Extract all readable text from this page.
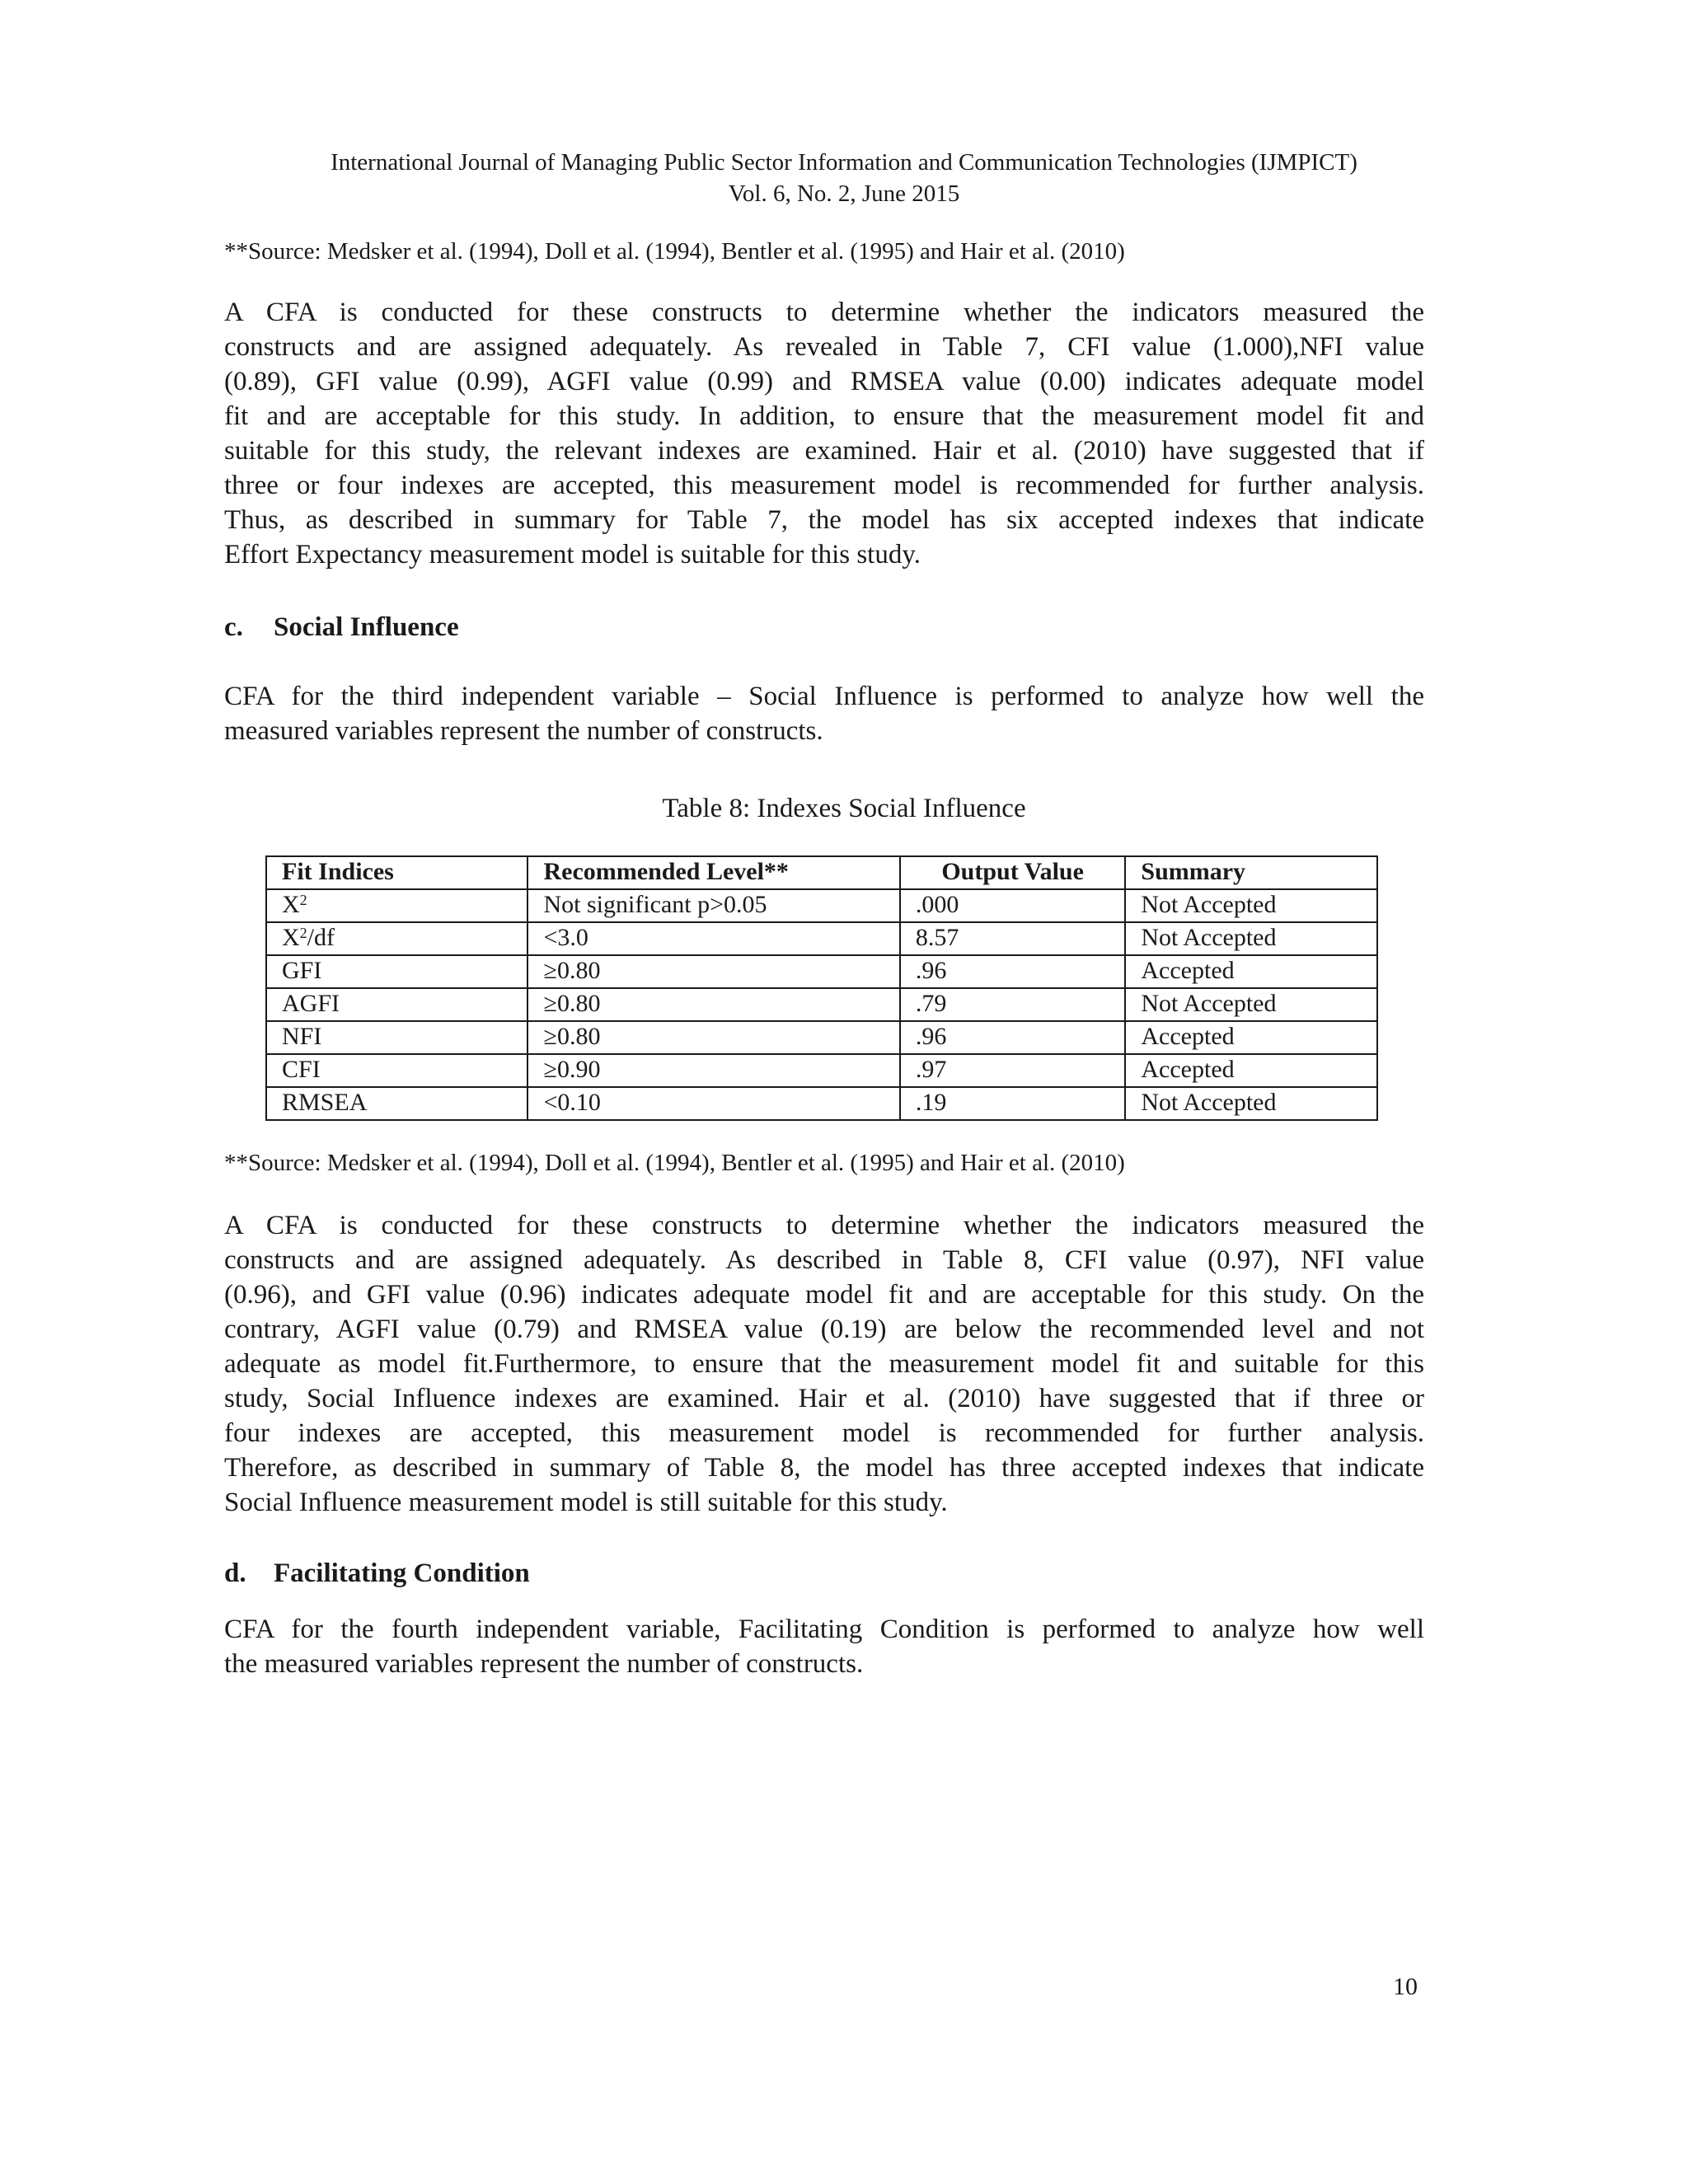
International Journal of Managing Public Sector Information and Communication Technologies (IJMPICT)
Vol. 6, No. 2, June 2015
**Source: Medsker et al. (1994), Doll et al. (1994), Bentler et al. (1995) and Hair et al. (2010)
A CFA is conducted for these constructs to determine whether the indicators measured the
constructs and are assigned adequately. As revealed in Table 7, CFI value (1.000),NFI value
(0.89), GFI value (0.99), AGFI value (0.99) and RMSEA value (0.00) indicates adequate model
fit and are acceptable for this study. In addition, to ensure that the measurement model fit and
suitable for this study, the relevant indexes are examined. Hair et al. (2010) have suggested that if
three or four indexes are accepted, this measurement model is recommended for further analysis.
Thus, as described in summary for Table 7, the model has six accepted indexes that indicate
Effort Expectancy measurement model is suitable for this study.
c. Social Influence
CFA for the third independent variable – Social Influence is performed to analyze how well the
measured variables represent the number of constructs.
Table 8: Indexes Social Influence
Fit Indices	Recommended Level**	Output Value	Summary
$X^2$	Not significant p>0.05	.000	Not Accepted
$X^2/df$	<3.0	8.57	Not Accepted
GFI	≥0.80	.96	Accepted
AGFI	≥0.80	.79	Not Accepted
NFI	≥0.80	.96	Accepted
CFI	≥0.90	.97	Accepted
RMSEA	<0.10	.19	Not Accepted
**Source: Medsker et al. (1994), Doll et al. (1994), Bentler et al. (1995) and Hair et al. (2010)
A CFA is conducted for these constructs to determine whether the indicators measured the
constructs and are assigned adequately. As described in Table 8, CFI value (0.97), NFI value
(0.96), and GFI value (0.96) indicates adequate model fit and are acceptable for this study. On the
contrary, AGFI value (0.79) and RMSEA value (0.19) are below the recommended level and not
adequate as model fit.Furthermore, to ensure that the measurement model fit and suitable for this
study, Social Influence indexes are examined. Hair et al. (2010) have suggested that if three or
four indexes are accepted, this measurement model is recommended for further analysis.
Therefore, as described in summary of Table 8, the model has three accepted indexes that indicate
Social Influence measurement model is still suitable for this study.
d. Facilitating Condition
CFA for the fourth independent variable, Facilitating Condition is performed to analyze how well
the measured variables represent the number of constructs.
10
